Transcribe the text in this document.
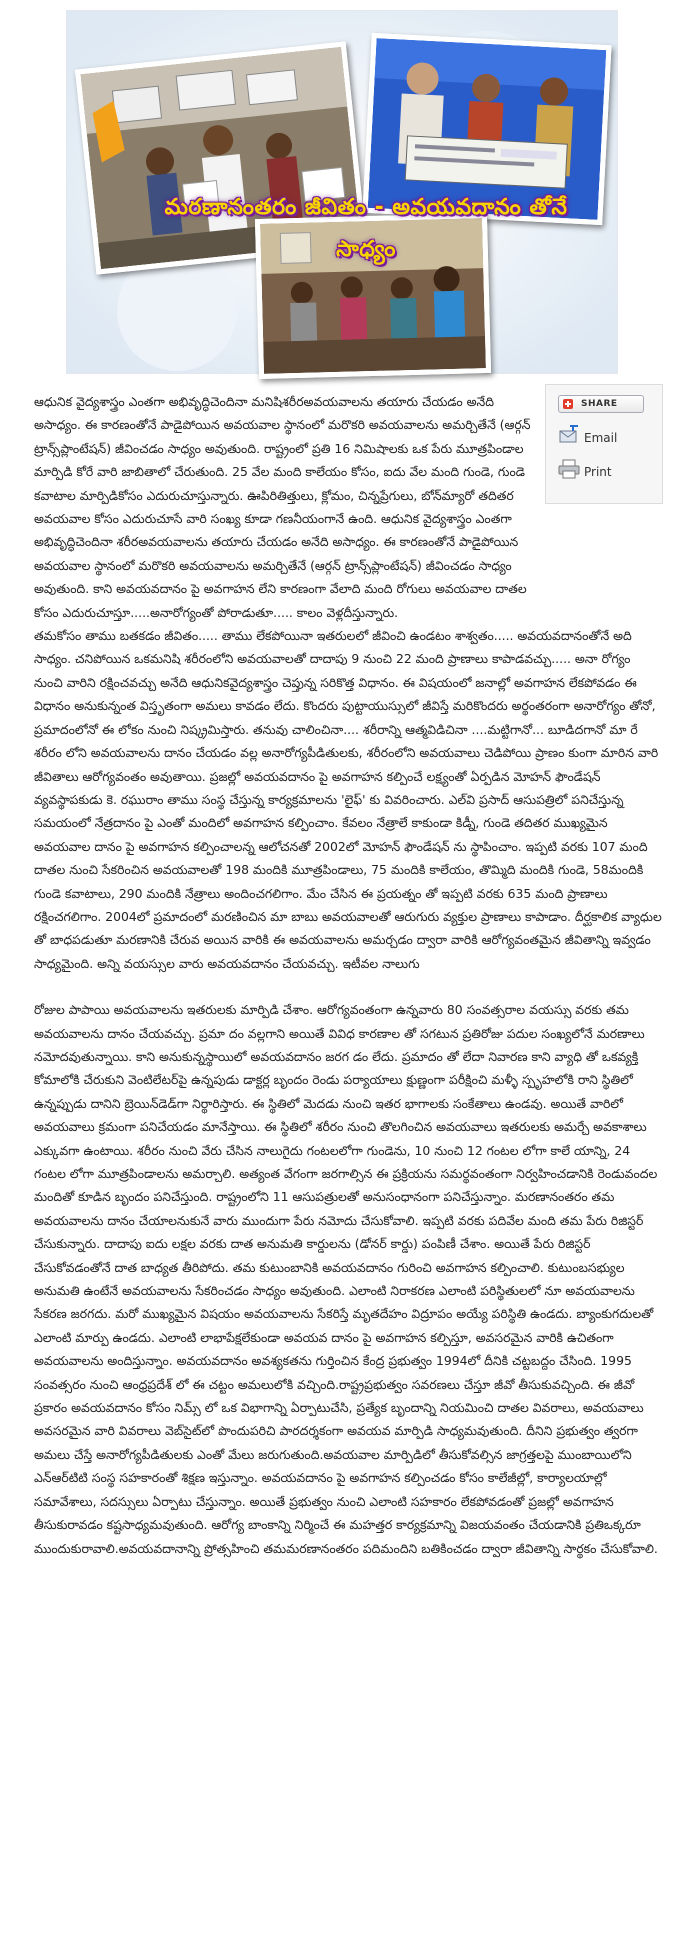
మరణానంతరం జీవితం - అవయవదానం తోనే సాధ్యం
SHARE
Email
Print

ఆధునిక వైద్యశాస్త్రం ఎంతగా అభివృద్ధిచెందినా మనిషిశరీరఅవయవాలను తయారు చేయడం అనేది అసాధ్యం. ఈ కారణంతోనే పాడైపోయిన అవయవాల స్థానంలో మరొకరి అవయవాలను అమర్చితేనే (ఆర్గన్ ట్రాన్స్‌ప్లాంటేషన్) జీవించడం సాధ్యం అవుతుంది. రాష్ట్రంలో ప్రతి 16 నిమిషాలకు ఒక పేరు మూత్రపిండాల మార్పిడి కోరే వారి జాబితాలో చేరుతుంది. 25 వేల మంది కాలేయం కోసం, ఐదు వేల మంది గుండె, గుండె కవాటాల మార్పిడికోసం ఎదురుచూస్తున్నారు. ఊపిరితిత్తులు, క్లోమం, చిన్నప్రేగులు, బోన్‌మ్యారో తదితర అవయవాల కోసం ఎదురుచూసే వారి సంఖ్య కూడా గణనీయంగానే ఉంది. ఆధునిక వైద్యశాస్త్రం ఎంతగా అభివృద్ధిచెందినా శరీరఅవయవాలను తయారు చేయడం అనేది అసాధ్యం. ఈ కారణంతోనే పాడైపోయిన అవయవాల స్థానంలో మరొకరి అవయవాలను అమర్చితేనే (ఆర్గన్ ట్రాన్స్‌ప్లాంటేషన్) జీవించడం సాధ్యం అవుతుంది. కాని అవయవదానం పై అవగాహన లేని కారణంగా వేలాది మంది రోగులు అవయవాల దాతల కోసం ఎదురుచూస్తూ.....అనారోగ్యంతో పోరాడుతూ..... కాలం వెళ్లదీస్తున్నారు.

తమకోసం తాము బతకడం జీవితం..... తాము లేకపోయినా ఇతరులలో జీవించి ఉండటం శాశ్వతం..... అవయవదానంతోనే అది సాధ్యం. చనిపోయిన ఒకమనిషి శరీరంలోని అవయవాలతో దాదాపు 9 నుంచి 22 మంది ప్రాణాలు కాపాడవచ్చు..... అనా రోగ్యం నుంచి వారిని రక్షించవచ్చు అనేది ఆధునికవైద్యశాస్త్రం చెప్తున్న సరికొత్త విధానం. ఈ విషయంలో జనాల్లో అవగాహన లేకపోవడం ఈ విధానం అనుకున్నంత విస్తృతంగా అమలు కావడం లేదు. కొందరు పుట్టాయుస్సులో జీవిస్తే మరికొందరు అర్థంతరంగా అనారోగ్యం తోనో, ప్రమాదంలోనో ఈ లోకం నుంచి నిష్క్రమిస్తారు. తనువు చాలించినా.... శరీరాన్ని ఆత్మవిడిచినా ....మట్టిగానో... బూడిదగానో మా రే శరీరం లోని అవయవాలను దానం చేయడం వల్ల అనారోగ్యపీడితులకు, శరీరంలోని అవయవాలు చెడిపోయి ప్రాణం కుంగా మారిన వారి జీవితాలు ఆరోగ్యవంతం అవుతాయి. ప్రజల్లో అవయవదానం పై అవగాహన కల్పించే లక్ష్యంతో ఏర్పడిన మోహన్ ఫౌండేషన్ వ్యవస్థాపకుడు కె. రఘురాం తాము సంస్థ చేస్తున్న కార్యక్రమాలను 'లైఫ్' కు వివరించారు. ఎల్‌వి ప్రసాద్ ఆసుపత్రిలో పనిచేస్తున్న సమయంలో నేత్రదానం పై ఎంతో మందిలో అవగాహన కల్పించాం. కేవలం నేత్రాలే కాకుండా కిడ్నీ, గుండె తదితర ముఖ్యమైన అవయవాల దానం పై అవగాహన కల్పించాలన్న ఆలోచనతో 2002లో మోహన్ ఫౌండేషన్ ను స్థాపించాం. ఇప్పటి వరకు 107 మంది దాతల నుంచి సేకరించిన అవయవాలతో 198 మందికి మూత్రపిండాలు, 75 మందికి కాలేయం, తొమ్మిది మందికి గుండె, 58మందికి గుండె కవాటాలు, 290 మందికి నేత్రాలు అందించగలిగాం. మేం చేసిన ఈ ప్రయత్నం తో ఇప్పటి వరకు 635 మంది ప్రాణాలు రక్షించగలిగాం. 2004లో ప్రమాదంలో మరణించిన మా బాబు అవయవాలతో ఆరుగురు వ్యక్తుల ప్రాణాలు కాపాడాం. దీర్ఘకాలిక వ్యాధుల తో బాధపడుతూ మరణానికి చేరువ అయిన వారికి ఈ అవయవాలను అమర్చడం ద్వారా వారికి ఆరోగ్యవంతమైన జీవితాన్ని ఇవ్వడం సాధ్యమైంది. అన్ని వయస్సుల వారు అవయవదానం చేయవచ్చు. ఇటీవల నాలుగు

రోజుల పాపాయి అవయవాలను ఇతరులకు మార్పిడి చేశాం. ఆరోగ్యవంతంగా ఉన్నవారు 80 సంవత్సరాల వయస్సు వరకు తమ అవయవాలను దానం చేయవచ్చు. ప్రమా దం వల్లగాని అయితే వివిధ కారణాల తో సగటున ప్రతిరోజు పదుల సంఖ్యలోనే మరణాలు నమోదవుతున్నాయి. కాని అనుకున్నస్థాయిలో అవయవదానం జరగ డం లేదు. ప్రమాదం తో లేదా నివారణ కాని వ్యాధి తో ఒకవ్యక్తి కోమాలోకి చేరుకుని వెంటిలేటర్‌పై ఉన్నపుడు డాక్టర్ల బృందం రెండు పర్యాయాలు క్షుణ్ణంగా పరీక్షించి మళ్ళీ స్పృహలోకి రాని స్థితిలో ఉన్నప్పుడు దానిని బ్రెయిన్‌డెడ్‌గా నిర్థారిస్తారు. ఈ స్థితిలో మెదడు నుంచి ఇతర భాగాలకు సంకేతాలు ఉండవు. అయితే వారిలో అవయవాలు క్రమంగా పనిచేయడం మానేస్తాయి. ఈ స్థితిలో శరీరం నుంచి తొలగించిన అవయవాలు ఇతరులకు అమర్చే అవకాశాలు ఎక్కువగా ఉంటాయి. శరీరం నుంచి వేరు చేసిన నాలుగైదు గంటలలోగా గుండెను, 10 నుంచి 12 గంటల లోగా కాలే యాన్ని, 24 గంటల లోగా మూత్రపిండాలను అమర్చాలి. అత్యంత వేగంగా జరగాల్సిన ఈ ప్రక్రియను సమర్థవంతంగా నిర్వహించడానికి రెండువందల మందితో కూడిన బృందం పనిచేస్తుంది. రాష్ట్రంలోని 11 ఆసుపత్రులతో అనుసంధానంగా పనిచేస్తున్నాం. మరణానంతరం తమ అవయవాలను దానం చేయాలనుకునే వారు ముందుగా పేరు నమోదు చేసుకోవాలి. ఇప్పటి వరకు పదివేల మంది తమ పేరు రిజిస్టర్ చేసుకున్నారు. దాదాపు ఐదు లక్షల వరకు దాత అనుమతి కార్డులను (డోనర్ కార్డు) పంపిణీ చేశాం. అయితే పేరు రిజిస్టర్ చేసుకోవడంతోనే దాత బాధ్యత తీరిపోదు. తమ కుటుంబానికి అవయవదానం గురించి అవగాహన కల్పించాలి. కుటుంబసభ్యుల అనుమతి ఉంటేనే అవయవాలను సేకరించడం సాధ్యం అవుతుంది. ఎలాంటి నిరాకరణ ఎలాంటి పరిస్థితులలో నూ అవయవాలను సేకరణ జరగదు. మరో ముఖ్యమైన విషయం అవయవాలను సేకరిస్తే మృతదేహం విద్రూపం అయ్యే పరిస్థితి ఉండదు. బ్యాంకుగదులతో ఎలాంటి మార్పు ఉండదు. ఎలాంటి లాభాపేక్షలేకుండా అవయవ దానం పై అవగాహన కల్పిస్తూ, అవసరమైన వారికి ఉచితంగా అవయవాలను అందిస్తున్నాం. అవయవదానం అవశ్యకతను గుర్తించిన కేంద్ర ప్రభుత్వం 1994లో దీనికి చట్టబద్దం చేసింది. 1995 సంవత్సరం నుంచి ఆంధ్రప్రదేశ్ లో ఈ చట్టం అమలులోకి వచ్చింది.రాష్ట్రప్రభుత్వం సవరణలు చేస్తూ జీవో తీసుకువచ్చింది. ఈ జీవో ప్రకారం అవయవదానం కోసం నిమ్స్ లో ఒక విభాగాన్ని ఏర్పాటుచేసి, ప్రత్యేక బృందాన్ని నియమించి దాతల వివరాలు, అవయవాలు అవసరమైన వారి వివరాలు వెబ్‌సైట్‌లో పొందుపరిచి పారదర్శకంగా అవయవ మార్పిడి సాధ్యమవుతుంది. దీనిని ప్రభుత్వం త్వరగా అమలు చేస్తే అనారోగ్యపీడితులకు ఎంతో మేలు జరుగుతుంది.అవయవాల మార్పిడిలో తీసుకోవల్సిన జాగ్రత్తలపై ముంబాయిలోని ఎన్‌ఆర్‌టిటి సంస్థ సహకారంతో శిక్షణ ఇస్తున్నాం. అవయవదానం పై అవగాహన కల్పించడం కోసం కాలేజీల్లో, కార్యాలయాల్లో సమావేశాలు, సదస్సులు ఏర్పాటు చేస్తున్నాం. అయితే ప్రభుత్వం నుంచి ఎలాంటి సహకారం లేకపోవడంతో ప్రజల్లో అవగాహన తీసుకురావడం కష్టసాధ్యమవుతుంది. ఆరోగ్య బాంకాన్ని నిర్మించే ఈ మహత్తర కార్యక్రమాన్ని విజయవంతం చేయడానికి ప్రతిఒక్కరూ ముందుకురావాలి.అవయవదానాన్ని ప్రోత్సహించి తమమరణానంతరం పదిమందిని బతికించడం ద్వారా జీవితాన్ని సార్థకం చేసుకోవాలి.
